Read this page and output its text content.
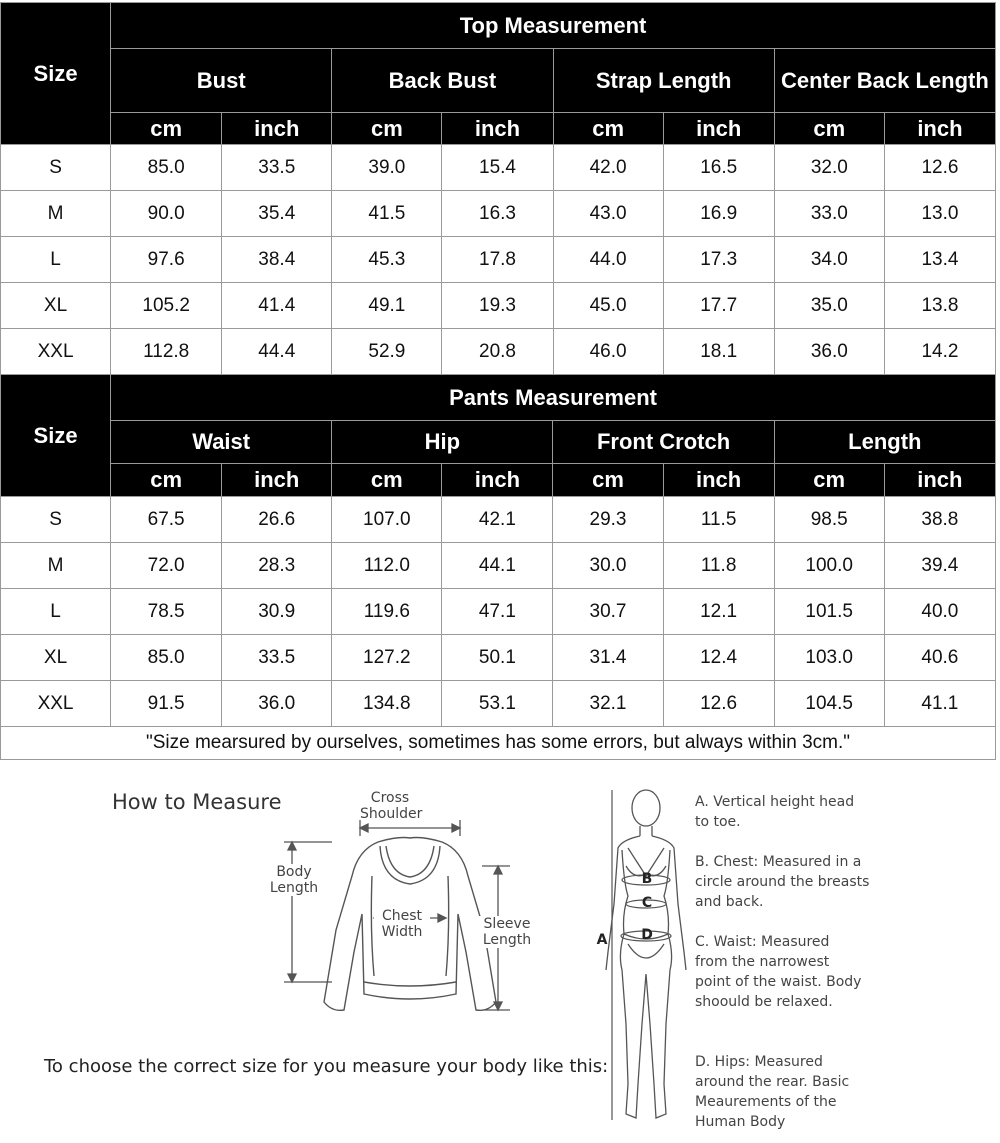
Size	Top Measurement							
	Bust		Back Bust		Strap Length		Center Back Length	
	cm	inch	cm	inch	cm	inch	cm	inch
S	85.0	33.5	39.0	15.4	42.0	16.5	32.0	12.6
M	90.0	35.4	41.5	16.3	43.0	16.9	33.0	13.0
L	97.6	38.4	45.3	17.8	44.0	17.3	34.0	13.4
XL	105.2	41.4	49.1	19.3	45.0	17.7	35.0	13.8
XXL	112.8	44.4	52.9	20.8	46.0	18.1	36.0	14.2
Size	Pants Measurement							
	Waist		Hip		Front Crotch		Length	
	cm	inch	cm	inch	cm	inch	cm	inch
S	67.5	26.6	107.0	42.1	29.3	11.5	98.5	38.8
M	72.0	28.3	112.0	44.1	30.0	11.8	100.0	39.4
L	78.5	30.9	119.6	47.1	30.7	12.1	101.5	40.0
XL	85.0	33.5	127.2	50.1	31.4	12.4	103.0	40.6
XXL	91.5	36.0	134.8	53.1	32.1	12.6	104.5	41.1
"Size mearsured by ourselves, sometimes has some errors, but always within 3cm."								
How to Measure
To choose the correct size for you measure your body like this:
Cross Shoulder
Body Length
Chest Width	Sleeve Length	A
B
C
D
A. Vertical height head to toe.
B. Chest: Measured in a circle around the breasts and back.
C. Waist: Measured from the narrowest point of the waist. Body shoould be relaxed.
D. Hips: Measured around the rear. Basic Meaurements of the Human Body
